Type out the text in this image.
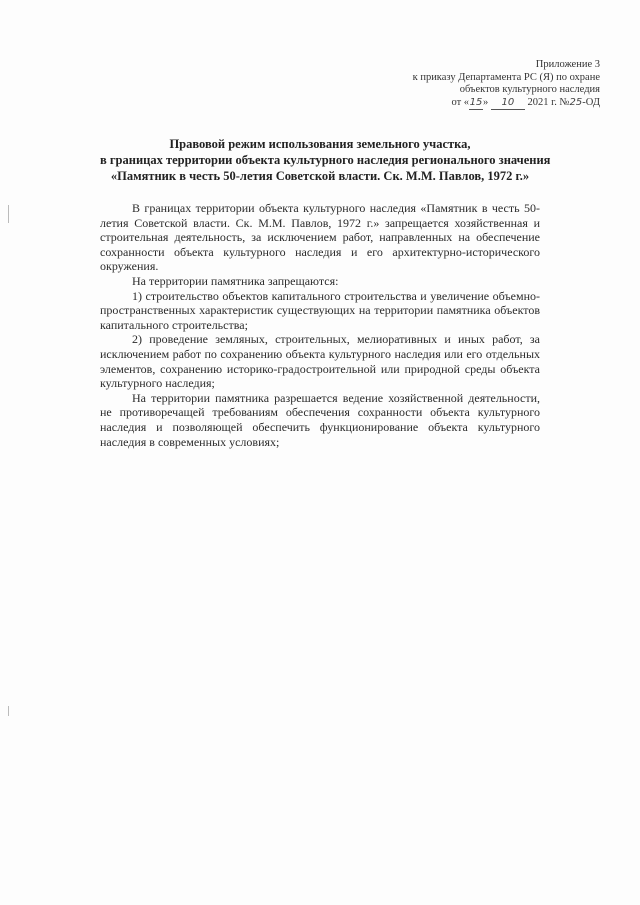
Приложение 3
к приказу Департамента РС (Я) по охране
объектов культурного наследия
от «15» 10 2021 г. №25-ОД
Правовой режим использования земельного участка,
в границах территории объекта культурного наследия регионального значения
«Памятник в честь 50-летия Советской власти. Ск. М.М. Павлов, 1972 г.»

В границах территории объекта культурного наследия «Памятник в честь 50-летия Советской власти. Ск. М.М. Павлов, 1972 г.» запрещается хозяйственная и строительная деятельность, за исключением работ, направленных на обеспечение сохранности объекта культурного наследия и его архитектурно-исторического окружения.

На территории памятника запрещаются:

1) строительство объектов капитального строительства и увеличение объемно-пространственных характеристик существующих на территории памятника объектов капитального строительства;

2) проведение земляных, строительных, мелиоративных и иных работ, за исключением работ по сохранению объекта культурного наследия или его отдельных элементов, сохранению историко-градостроительной или природной среды объекта культурного наследия;

На территории памятника разрешается ведение хозяйственной деятельности, не противоречащей требованиям обеспечения сохранности объекта культурного наследия и позволяющей обеспечить функционирование объекта культурного наследия в современных условиях;
